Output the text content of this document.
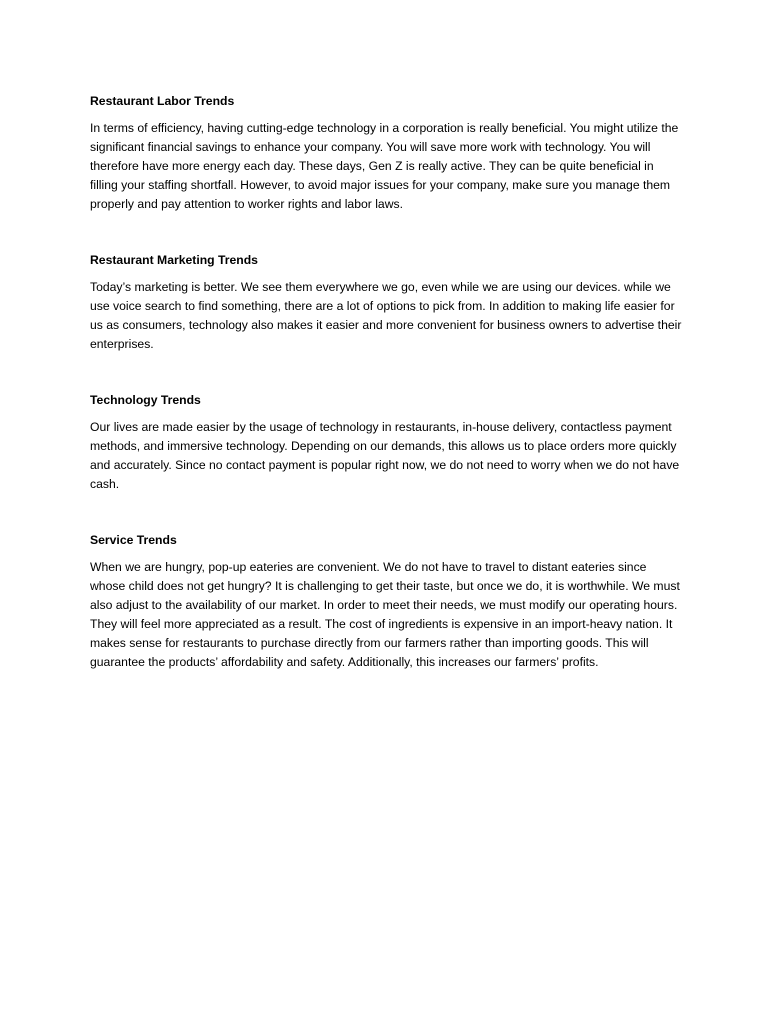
Restaurant Labor Trends

In terms of efficiency, having cutting-edge technology in a corporation is really beneficial. You might utilize the significant financial savings to enhance your company. You will save more work with technology. You will therefore have more energy each day. These days, Gen Z is really active. They can be quite beneficial in filling your staffing shortfall. However, to avoid major issues for your company, make sure you manage them properly and pay attention to worker rights and labor laws.

Restaurant Marketing Trends

Today’s marketing is better. We see them everywhere we go, even while we are using our devices. while we use voice search to find something, there are a lot of options to pick from. In addition to making life easier for us as consumers, technology also makes it easier and more convenient for business owners to advertise their enterprises.

Technology Trends

Our lives are made easier by the usage of technology in restaurants, in-house delivery, contactless payment methods, and immersive technology. Depending on our demands, this allows us to place orders more quickly and accurately. Since no contact payment is popular right now, we do not need to worry when we do not have cash.

Service Trends

When we are hungry, pop-up eateries are convenient. We do not have to travel to distant eateries since whose child does not get hungry? It is challenging to get their taste, but once we do, it is worthwhile. We must also adjust to the availability of our market. In order to meet their needs, we must modify our operating hours. They will feel more appreciated as a result. The cost of ingredients is expensive in an import-heavy nation. It makes sense for restaurants to purchase directly from our farmers rather than importing goods. This will guarantee the products’ affordability and safety. Additionally, this increases our farmers’ profits.
